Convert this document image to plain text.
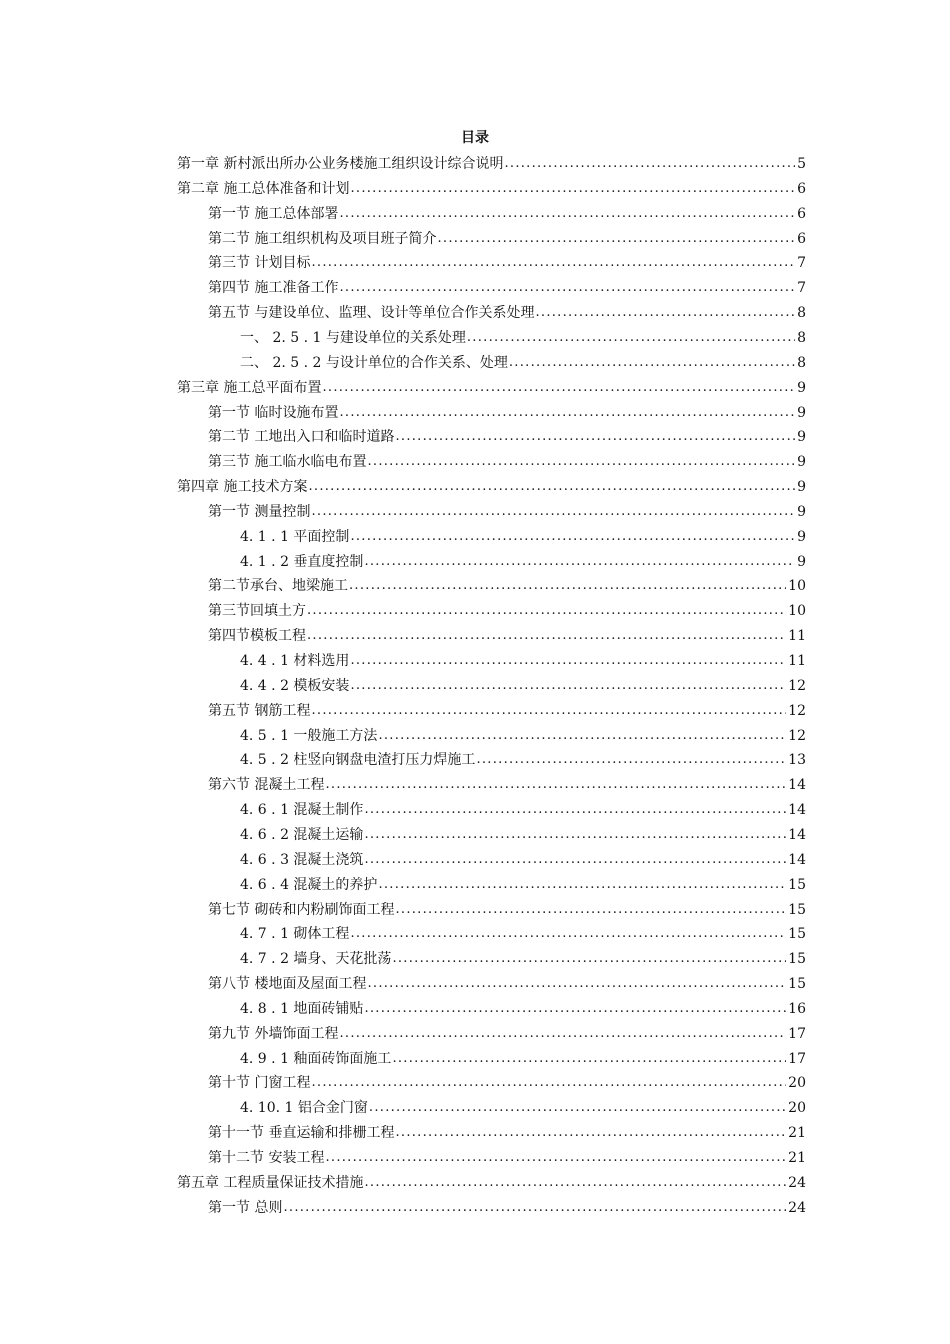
目录
第一章 新村派出所办公业务楼施工组织设计综合说明 .....	5
第二章 施工总体准备和计划 .....	6
第一节 施工总体部署 .....	6
第二节 施工组织机构及项目班子简介 .....	6
第三节 计划目标 .....	7
第四节 施工准备工作 .....	7
第五节 与建设单位、监理、设计等单位合作关系处理 .....	8
一、 2. 5 . 1 与建设单位的关系处理 .....	8
二、 2. 5 . 2 与设计单位的合作关系、处理 .....	8
第三章 施工总平面布置 .....	9
第一节 临时设施布置 .....	9
第二节 工地出入口和临时道路 .....	9
第三节 施工临水临电布置 .....	9
第四章 施工技术方案 .....	9
第一节 测量控制 .....	9
4. 1 . 1 平面控制 .....	9
4. 1 . 2 垂直度控制 .....	9
第二节承台、地梁施工 .....	10
第三节回填土方 .....	10
第四节模板工程 .....	11
4. 4 . 1 材料选用 .....	11
4. 4 . 2 模板安装 .....	12
第五节 钢筋工程 .....	12
4. 5 . 1 一般施工方法 .....	12
4. 5 . 2 柱竖向钢盘电渣打压力焊施工 .....	13
第六节 混凝土工程 .....	14
4. 6 . 1 混凝土制作 .....	14
4. 6 . 2 混凝土运输 .....	14
4. 6 . 3 混凝土浇筑 .....	14
4. 6 . 4 混凝土的养护 .....	15
第七节 砌砖和内粉刷饰面工程 .....	15
4. 7 . 1 砌体工程 .....	15
4. 7 . 2 墙身、天花批荡 .....	15
第八节 楼地面及屋面工程 .....	15
4. 8 . 1 地面砖铺贴 .....	16
第九节 外墙饰面工程 .....	17
4. 9 . 1 釉面砖饰面施工 .....	17
第十节 门窗工程 .....	20
4. 10. 1 铝合金门窗 .....	20
第十一节 垂直运输和排栅工程 .....	21
第十二节 安装工程 .....	21
第五章 工程质量保证技术措施 .....	24
第一节 总则 .....	24
